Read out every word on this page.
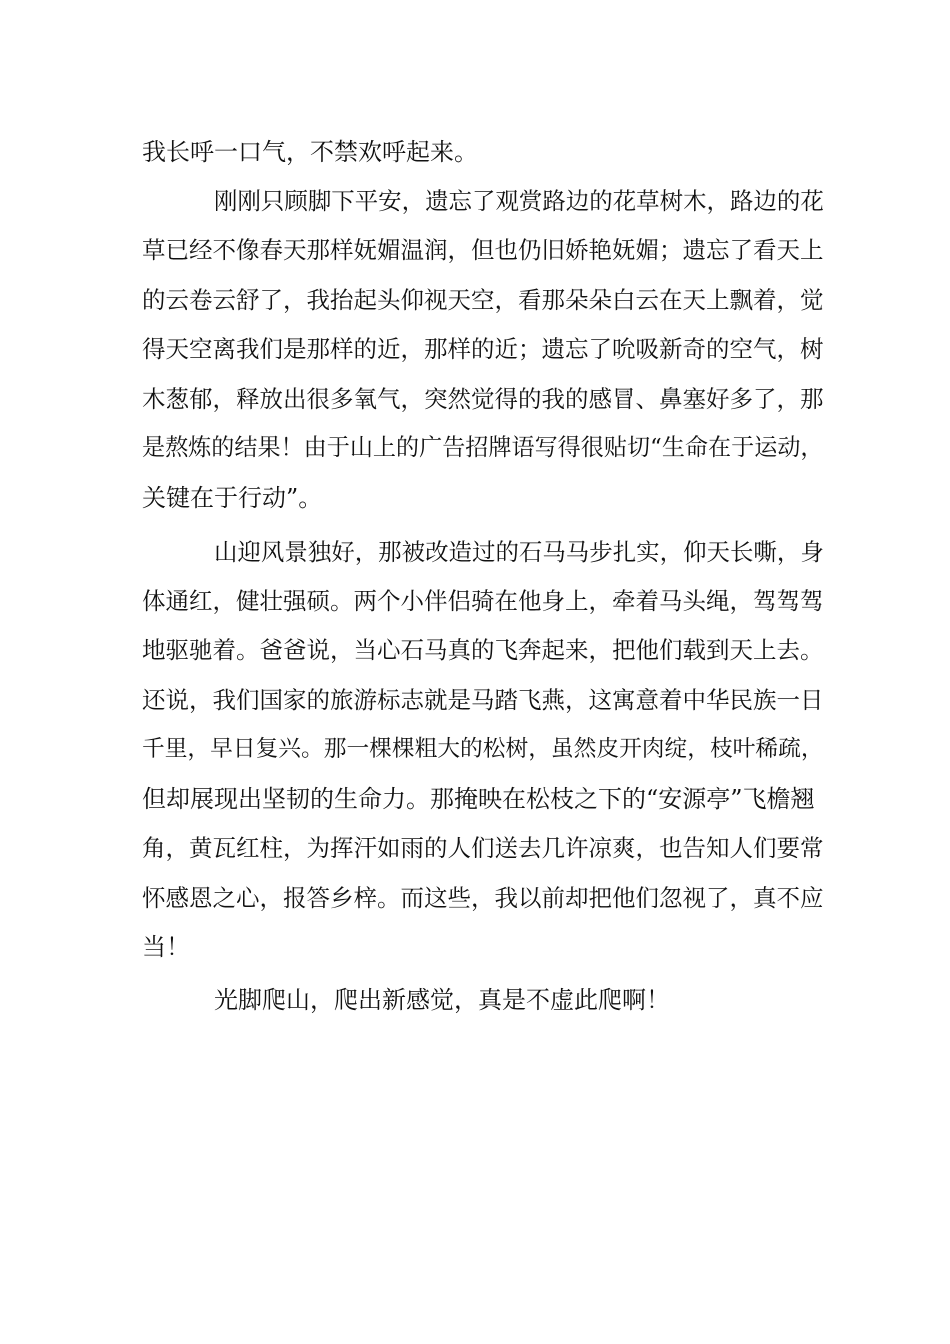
我长呼一口气，不禁欢呼起来。
刚刚只顾脚下平安，遗忘了观赏路边的花草树木，路边的花
草已经不像春天那样妩媚温润，但也仍旧娇艳妩媚；遗忘了看天上
的云卷云舒了，我抬起头仰视天空，看那朵朵白云在天上飘着，觉
得天空离我们是那样的近，那样的近；遗忘了吮吸新奇的空气，树
木葱郁，释放出很多氧气，突然觉得的我的感冒、鼻塞好多了，那
是熬炼的结果！由于山上的广告招牌语写得很贴切“生命在于运动，
关键在于行动”。
山迎风景独好，那被改造过的石马马步扎实，仰天长嘶，身
体通红，健壮强硕。两个小伴侣骑在他身上，牵着马头绳，驾驾驾
地驱驰着。爸爸说，当心石马真的飞奔起来，把他们载到天上去。
还说，我们国家的旅游标志就是马踏飞燕，这寓意着中华民族一日
千里，早日复兴。那一棵棵粗大的松树，虽然皮开肉绽，枝叶稀疏，
但却展现出坚韧的生命力。那掩映在松枝之下的“安源亭”飞檐翘
角，黄瓦红柱，为挥汗如雨的人们送去几许凉爽，也告知人们要常
怀感恩之心，报答乡梓。而这些，我以前却把他们忽视了，真不应
当！
光脚爬山，爬出新感觉，真是不虚此爬啊！
